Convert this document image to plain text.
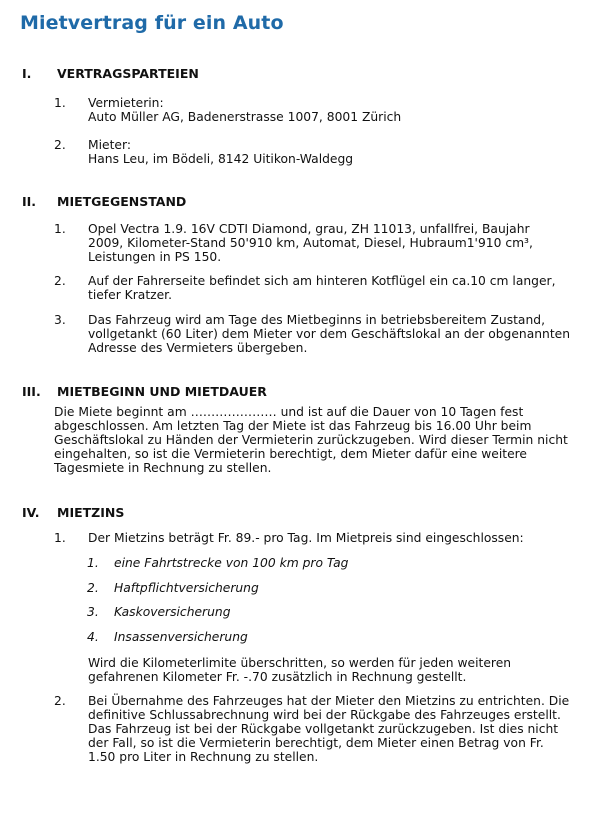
Mietvertrag für ein Auto
I. VERTRAGSPARTEIEN
1. Vermieterin:
Auto Müller AG, Badenerstrasse 1007, 8001 Zürich
2. Mieter:
Hans Leu, im Bödeli, 8142 Uitikon-Waldegg
II. MIETGEGENSTAND
1. Opel Vectra 1.9. 16V CDTI Diamond, grau, ZH 11013, unfallfrei, Baujahr
2009, Kilometer-Stand 50'910 km, Automat, Diesel, Hubraum1'910 cm³,
Leistungen in PS 150.
2. Auf der Fahrerseite befindet sich am hinteren Kotflügel ein ca.10 cm langer,
tiefer Kratzer.
3. Das Fahrzeug wird am Tage des Mietbeginns in betriebsbereitem Zustand,
vollgetankt (60 Liter) dem Mieter vor dem Geschäftslokal an der obgenannten
Adresse des Vermieters übergeben.
III. MIETBEGINN UND MIETDAUER
Die Miete beginnt am ………………… und ist auf die Dauer von 10 Tagen fest
abgeschlossen. Am letzten Tag der Miete ist das Fahrzeug bis 16.00 Uhr beim
Geschäftslokal zu Händen der Vermieterin zurückzugeben. Wird dieser Termin nicht
eingehalten, so ist die Vermieterin berechtigt, dem Mieter dafür eine weitere
Tagesmiete in Rechnung zu stellen.
IV. MIETZINS
1. Der Mietzins beträgt Fr. 89.- pro Tag. Im Mietpreis sind eingeschlossen:
1. eine Fahrtstrecke von 100 km pro Tag
2. Haftpflichtversicherung
3. Kaskoversicherung
4. Insassenversicherung
Wird die Kilometerlimite überschritten, so werden für jeden weiteren
gefahrenen Kilometer Fr. -.70 zusätzlich in Rechnung gestellt.
2. Bei Übernahme des Fahrzeuges hat der Mieter den Mietzins zu entrichten. Die
definitive Schlussabrechnung wird bei der Rückgabe des Fahrzeuges erstellt.
Das Fahrzeug ist bei der Rückgabe vollgetankt zurückzugeben. Ist dies nicht
der Fall, so ist die Vermieterin berechtigt, dem Mieter einen Betrag von Fr.
1.50 pro Liter in Rechnung zu stellen.
